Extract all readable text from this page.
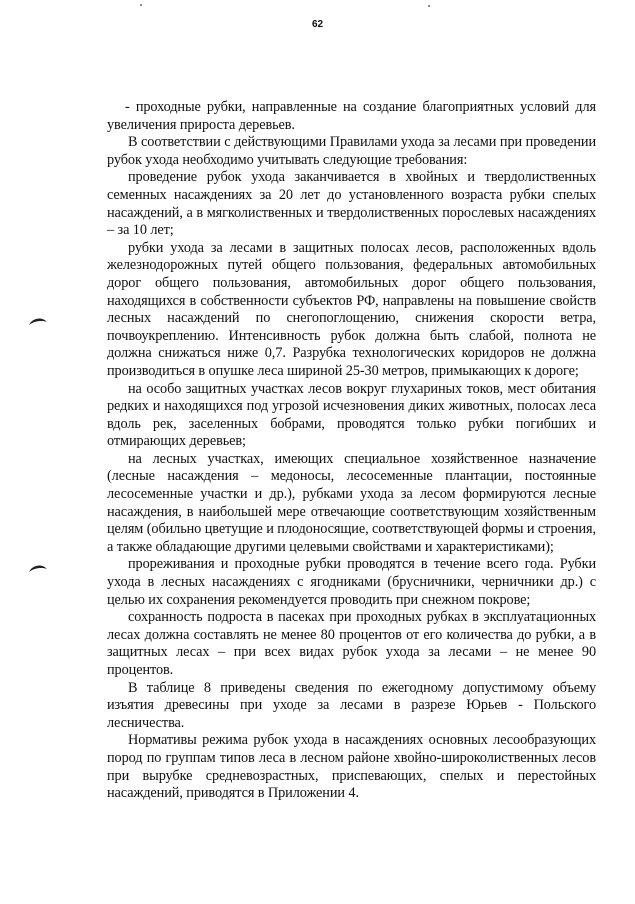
62

- проходные рубки, направленные на создание благоприятных условий для увеличения прироста деревьев.

В соответствии с действующими Правилами ухода за лесами при проведении рубок ухода необходимо учитывать следующие требования:

проведение рубок ухода заканчивается в хвойных и твердолиственных семенных насаждениях за 20 лет до установленного возраста рубки спелых насаждений, а в мягколиственных и твердолиственных порослевых насаждениях – за 10 лет;

рубки ухода за лесами в защитных полосах лесов, расположенных вдоль железнодорожных путей общего пользования, федеральных автомобильных дорог общего пользования, автомобильных дорог общего пользования, находящихся в собственности субъектов РФ, направлены на повышение свойств лесных насаждений по снегопоглощению, снижения скорости ветра, почвоукреплению. Интенсивность рубок должна быть слабой, полнота не должна снижаться ниже 0,7. Разрубка технологических коридоров не должна производиться в опушке леса шириной 25-30 метров, примыкающих к дороге;

на особо защитных участках лесов вокруг глухариных токов, мест обитания редких и находящихся под угрозой исчезновения диких животных, полосах леса вдоль рек, заселенных бобрами, проводятся только рубки погибших и отмирающих деревьев;

на лесных участках, имеющих специальное хозяйственное назначение (лесные насаждения – медоносы, лесосеменные плантации, постоянные лесосеменные участки и др.), рубками ухода за лесом формируются лесные насаждения, в наибольшей мере отвечающие соответствующим хозяйственным целям (обильно цветущие и плодоносящие, соответствующей формы и строения, а также обладающие другими целевыми свойствами и характеристиками);

прореживания и проходные рубки проводятся в течение всего года. Рубки ухода в лесных насаждениях с ягодниками (брусничники, черничники др.) с целью их сохранения рекомендуется проводить при снежном покрове;

сохранность подроста в пасеках при проходных рубках в эксплуатационных лесах должна составлять не менее 80 процентов от его количества до рубки, а в защитных лесах – при всех видах рубок ухода за лесами – не менее 90 процентов.

В таблице 8 приведены сведения по ежегодному допустимому объему изъятия древесины при уходе за лесами в разрезе Юрьев - Польского лесничества.

Нормативы режима рубок ухода в насаждениях основных лесообразующих пород по группам типов леса в лесном районе хвойно-широколиственных лесов при вырубке средневозрастных, приспевающих, спелых и перестойных насаждений, приводятся в Приложении 4.
